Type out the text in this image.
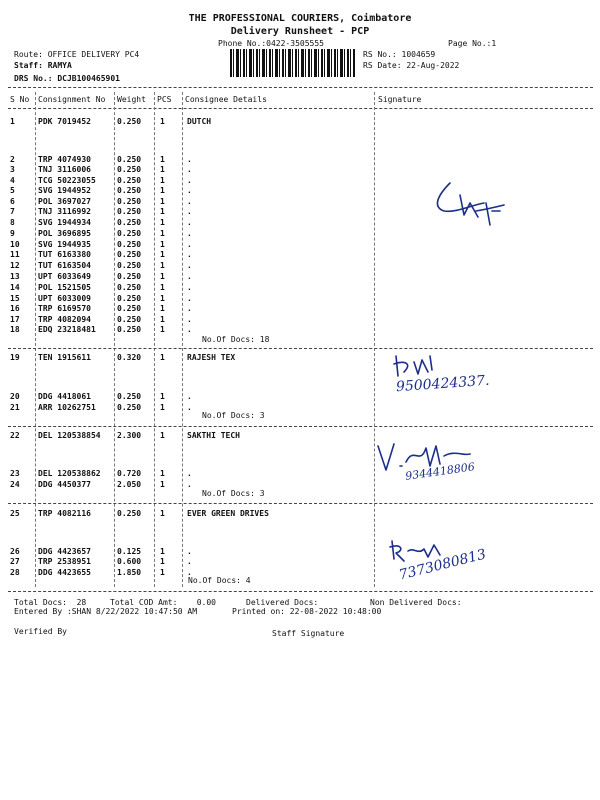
THE PROFESSIONAL COURIERS, Coimbatore
Delivery Runsheet - PCP
Phone No.:0422-3505555	Page No.:1
Route: OFFICE DELIVERY PC4
Staff: RAMYA
DRS No.: DCJB100465901
RS No.: 1004659
RS Date: 22-Aug-2022
S No Consignment No Weight PCS Consignee Details	Signature
1	PDK 7019452	0.250 1	DUTCH
2	TRP 4074930	0.250 1	.
3	TNJ 3116006	0.250 1	.
4	TCG 50223055	0.250 1	.
5	SVG 1944952	0.250 1	.
6	POL 3697027	0.250 1	.
7	TNJ 3116992	0.250 1	.
8	SVG 1944934	0.250 1	.
9	POL 3696895	0.250 1	.
10 SVG 1944935	0.250 1	.
11 TUT 6163380	0.250 1	.
12 TUT 6163504	0.250 1	.
13 UPT 6033649	0.250 1	.
14 POL 1521505	0.250 1	.
15 UPT 6033009	0.250 1	.
16 TRP 6169570	0.250 1	.
17 TRP 4082094	0.250 1	.
18 EDQ 23218481	0.250 1	.
19 TEN 1915611	0.320 1	RAJESH TEX
20 DDG 4418061	0.250 1	.
21 ARR 10262751	0.250 1	.
22 DEL 120538854 2.300 1	SAKTHI TECH
23 DEL 120538862 0.720 1	.
24 DDG 4450377	2.050 1	.
25 TRP 4082116	0.250 1	EVER GREEN DRIVES
26 DDG 4423657	0.125 1	.
27 TRP 2538951	0.600 1	.
28 DDG 4423655	1.850 1	.
No.Of Docs: 18
No.Of Docs: 3
No.Of Docs: 3
No.Of Docs: 4
9500424337.
9344418806
7373080813
Total Docs:  28	Total COD Amt:    0.00	Delivered Docs:	Non Delivered Docs:
Entered By :SHAN 8/22/2022 10:47:50 AM	Printed on: 22-08-2022 10:48:00
Verified By	Staff Signature
